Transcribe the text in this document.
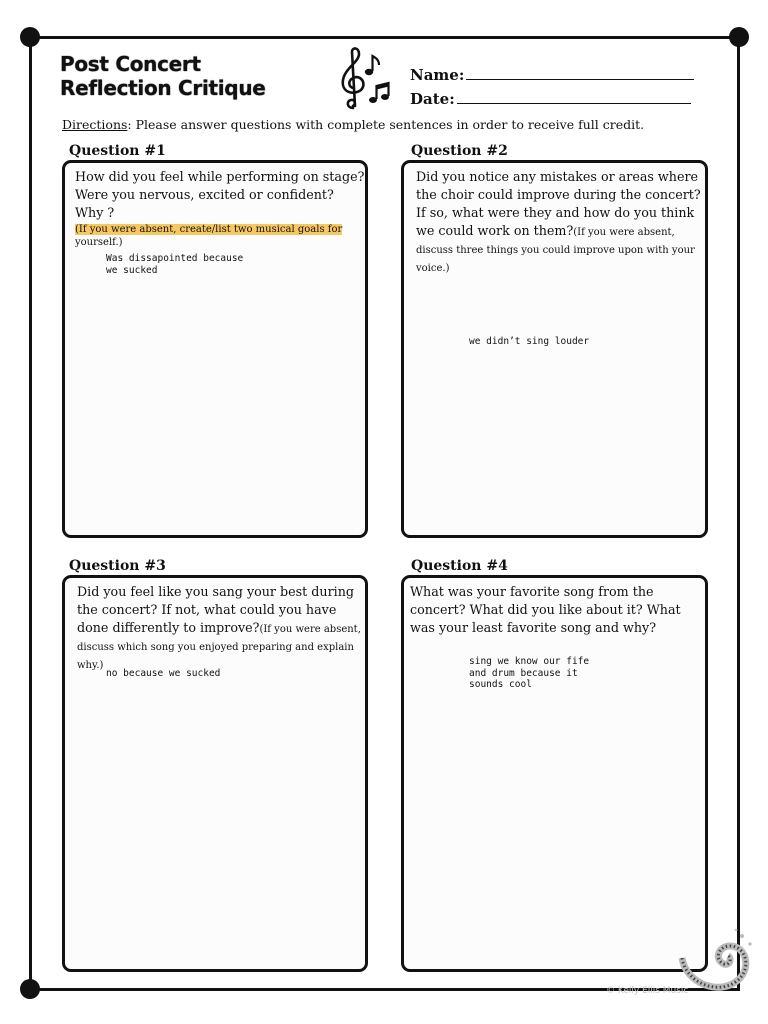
Post Concert
Reflection Critique
Name:
Date:
Directions: Please answer questions with complete sentences in order to receive full credit.
Question #1
How did you feel while performing on stage? Were you nervous, excited or confident? Why ?
(If you were absent, create/list two musical goals for yourself.)
Was dissapointed because
we sucked
Question #2
Did you notice any mistakes or areas where the choir could improve during the concert? If so, what were they and how do you think we could work on them?(If you were absent, discuss three things you could improve upon with your voice.)
we didn’t sing louder
Question #3
Did you feel like you sang your best during the concert? If not, what could you have done differently to improve?(If you were absent, discuss which song you enjoyed preparing and explain why.)
no because we sucked
Question #4
What was your favorite song from the concert? What did you like about it? What was your least favorite song and why?
sing we know our fife
and drum because it
sounds cool
© Kelly Ellis Music
